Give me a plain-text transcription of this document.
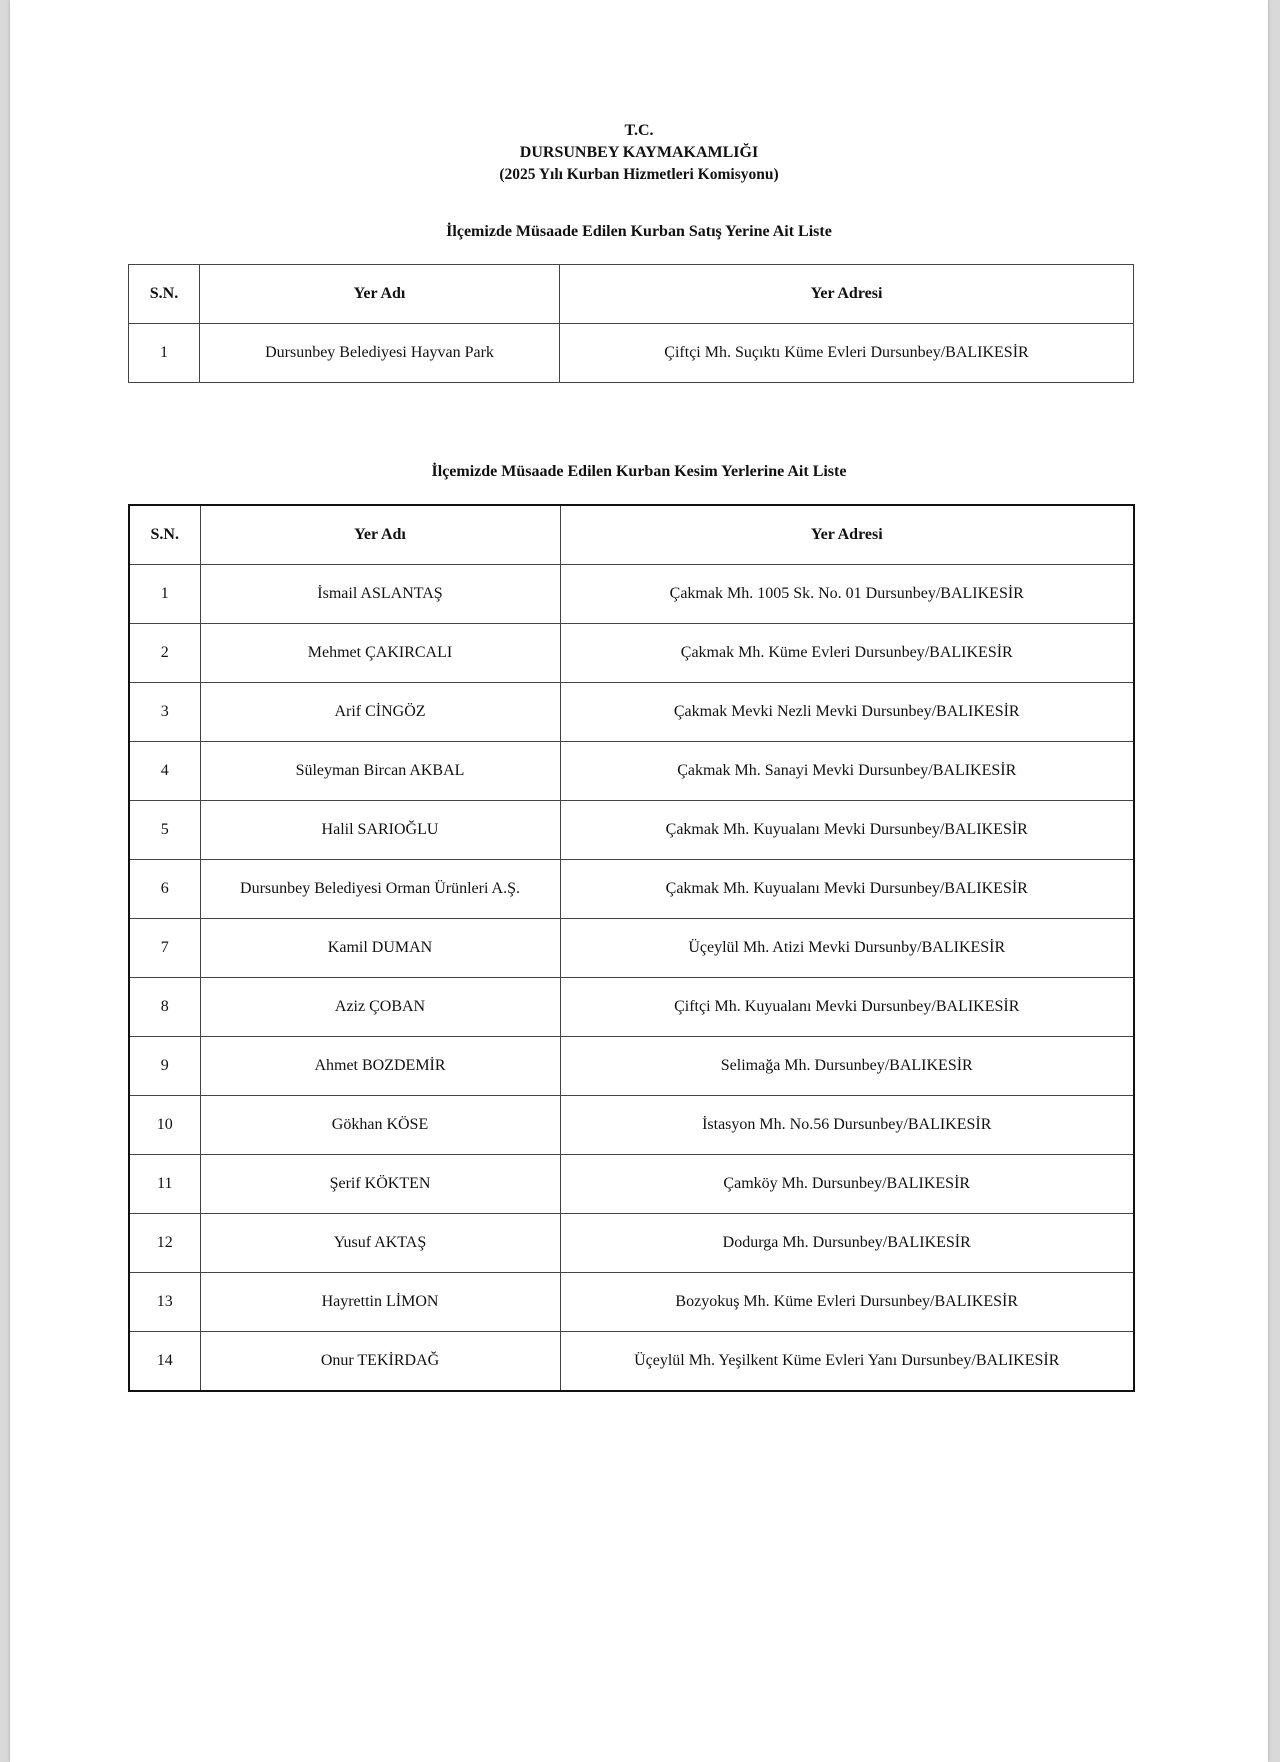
T.C.
DURSUNBEY KAYMAKAMLIĞI
(2025 Yılı Kurban Hizmetleri Komisyonu)
İlçemizde Müsaade Edilen Kurban Satış Yerine Ait Liste
S.N.	Yer Adı	Yer Adresi
1	Dursunbey Belediyesi Hayvan Park	Çiftçi Mh. Suçıktı Küme Evleri Dursunbey/BALIKESİR
İlçemizde Müsaade Edilen Kurban Kesim Yerlerine Ait Liste
S.N.	Yer Adı	Yer Adresi
1	İsmail ASLANTAŞ	Çakmak Mh. 1005 Sk. No. 01 Dursunbey/BALIKESİR
2	Mehmet ÇAKIRCALI	Çakmak Mh. Küme Evleri Dursunbey/BALIKESİR
3	Arif CİNGÖZ	Çakmak Mevki Nezli Mevki Dursunbey/BALIKESİR
4	Süleyman Bircan AKBAL	Çakmak Mh. Sanayi Mevki Dursunbey/BALIKESİR
5	Halil SARIOĞLU	Çakmak Mh. Kuyualanı Mevki Dursunbey/BALIKESİR
6	Dursunbey Belediyesi Orman Ürünleri A.Ş.	Çakmak Mh. Kuyualanı Mevki Dursunbey/BALIKESİR
7	Kamil DUMAN	Üçeylül Mh. Atizi Mevki Dursunby/BALIKESİR
8	Aziz ÇOBAN	Çiftçi Mh. Kuyualanı Mevki Dursunbey/BALIKESİR
9	Ahmet BOZDEMİR	Selimağa Mh. Dursunbey/BALIKESİR
10	Gökhan KÖSE	İstasyon Mh. No.56 Dursunbey/BALIKESİR
11	Şerif KÖKTEN	Çamköy Mh. Dursunbey/BALIKESİR
12	Yusuf AKTAŞ	Dodurga Mh. Dursunbey/BALIKESİR
13	Hayrettin LİMON	Bozyokuş Mh. Küme Evleri Dursunbey/BALIKESİR
14	Onur TEKİRDAĞ	Üçeylül Mh. Yeşilkent Küme Evleri Yanı Dursunbey/BALIKESİR
